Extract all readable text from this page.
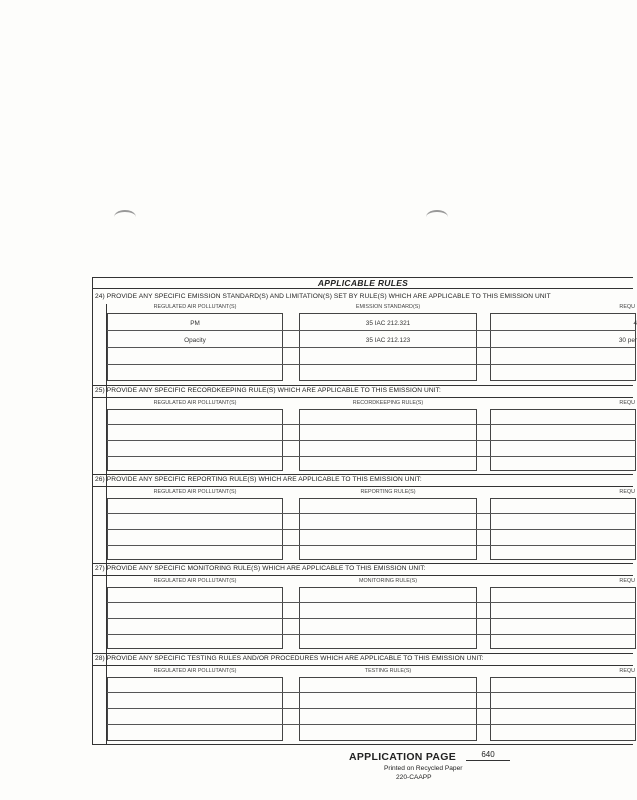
APPLICABLE RULES
24) PROVIDE ANY SPECIFIC EMISSION STANDARD(S) AND LIMITATION(S) SET BY RULE(S) WHICH ARE APPLICABLE TO THIS EMISSION UNIT
REGULATED AIR POLLUTANT(S)	EMISSION STANDARD(S)	REQU
PM	35 IAC 212.321	4
Opacity	35 IAC 212.123	30 per
25) PROVIDE ANY SPECIFIC RECORDKEEPING RULE(S) WHICH ARE APPLICABLE TO THIS EMISSION UNIT:
REGULATED AIR POLLUTANT(S)	RECORDKEEPING RULE(S)	REQU
26) PROVIDE ANY SPECIFIC REPORTING RULE(S) WHICH ARE APPLICABLE TO THIS EMISSION UNIT:
REGULATED AIR POLLUTANT(S)	REPORTING RULE(S)	REQU
27) PROVIDE ANY SPECIFIC MONITORING RULE(S) WHICH ARE APPLICABLE TO THIS EMISSION UNIT:
REGULATED AIR POLLUTANT(S)	MONITORING RULE(S)	REQU
28) PROVIDE ANY SPECIFIC TESTING RULES AND/OR PROCEDURES WHICH ARE APPLICABLE TO THIS EMISSION UNIT:
REGULATED AIR POLLUTANT(S)	TESTING RULE(S)	REQU
APPLICATION PAGE	640
Printed on Recycled Paper
220-CAAPP
